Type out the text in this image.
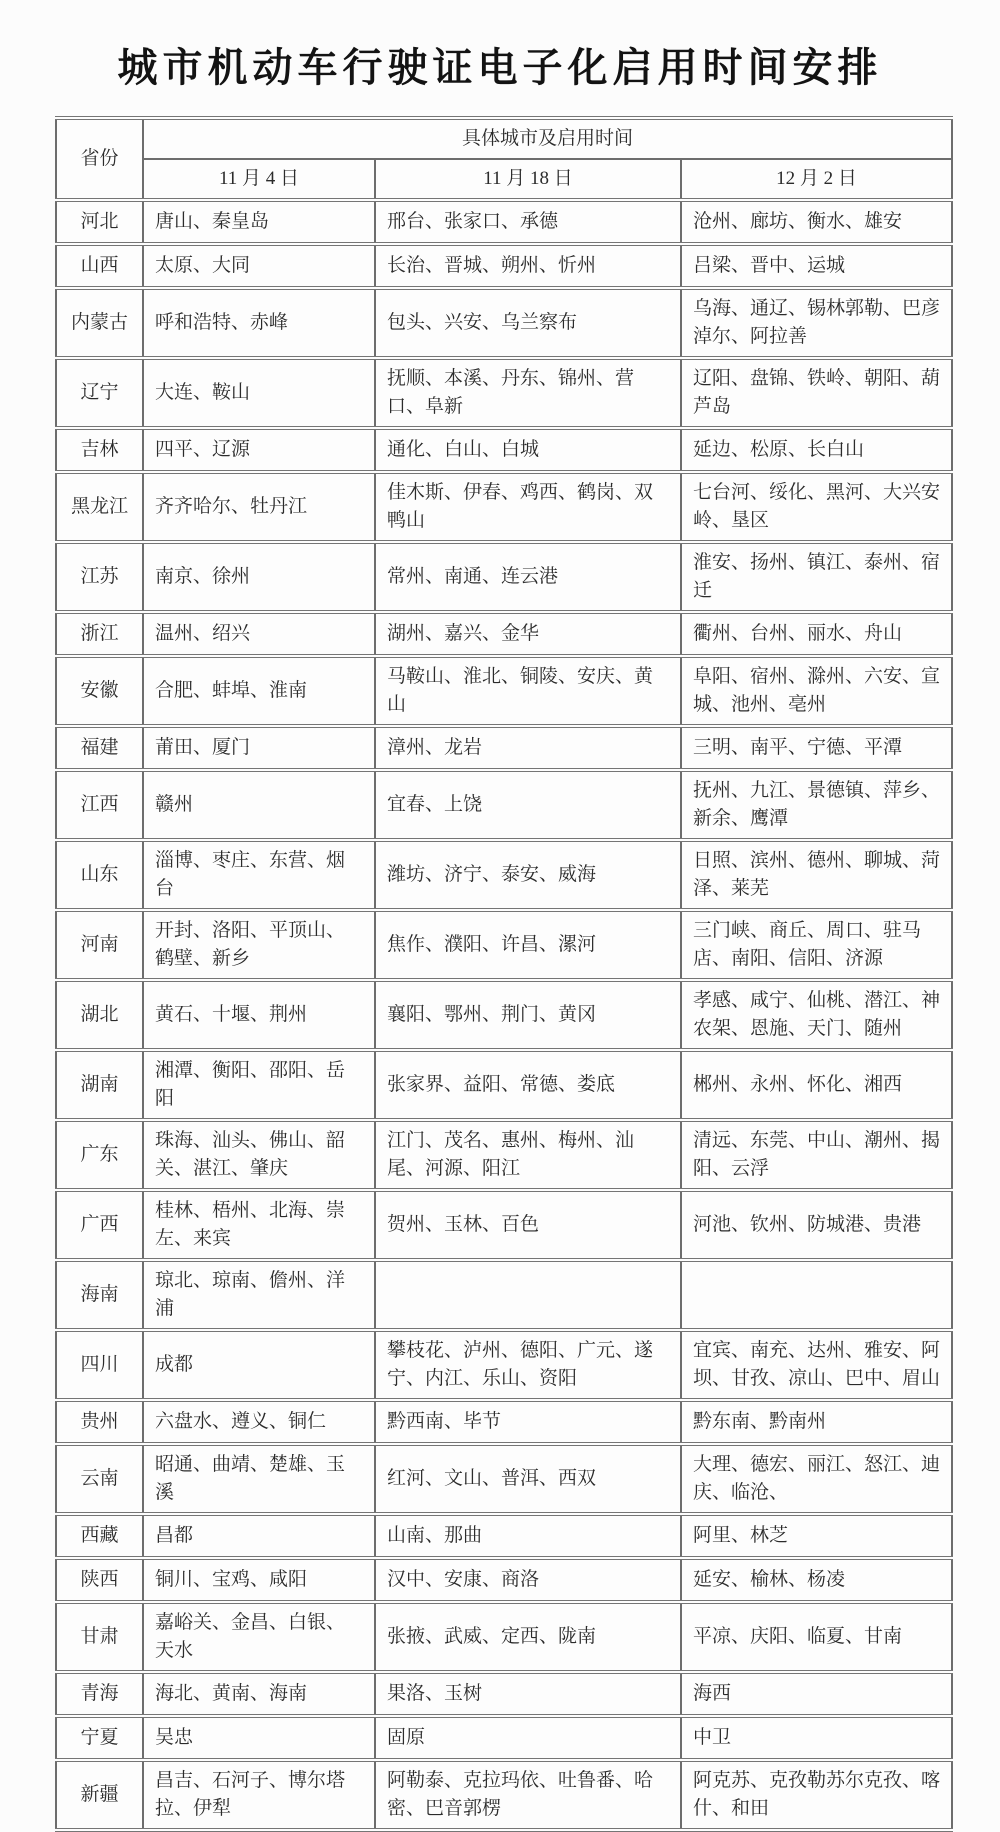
城市机动车行驶证电子化启用时间安排
省份	具体城市及启用时间		
	11 月 4 日	11 月 18 日	12 月 2 日
河北	唐山、秦皇岛	邢台、张家口、承德	沧州、廊坊、衡水、雄安
山西	太原、大同	长治、晋城、朔州、忻州	吕梁、晋中、运城
内蒙古	呼和浩特、赤峰	包头、兴安、乌兰察布	乌海、通辽、锡林郭勒、巴彦淖尔、阿拉善
辽宁	大连、鞍山	抚顺、本溪、丹东、锦州、营口、阜新	辽阳、盘锦、铁岭、朝阳、葫芦岛
吉林	四平、辽源	通化、白山、白城	延边、松原、长白山
黑龙江	齐齐哈尔、牡丹江	佳木斯、伊春、鸡西、鹤岗、双鸭山	七台河、绥化、黑河、大兴安岭、垦区
江苏	南京、徐州	常州、南通、连云港	淮安、扬州、镇江、泰州、宿迁
浙江	温州、绍兴	湖州、嘉兴、金华	衢州、台州、丽水、舟山
安徽	合肥、蚌埠、淮南	马鞍山、淮北、铜陵、安庆、黄山	阜阳、宿州、滁州、六安、宣城、池州、亳州
福建	莆田、厦门	漳州、龙岩	三明、南平、宁德、平潭
江西	赣州	宜春、上饶	抚州、九江、景德镇、萍乡、新余、鹰潭
山东	淄博、枣庄、东营、烟台	潍坊、济宁、泰安、威海	日照、滨州、德州、聊城、菏泽、莱芜
河南	开封、洛阳、平顶山、鹤壁、新乡	焦作、濮阳、许昌、漯河	三门峡、商丘、周口、驻马店、南阳、信阳、济源
湖北	黄石、十堰、荆州	襄阳、鄂州、荆门、黄冈	孝感、咸宁、仙桃、潜江、神农架、恩施、天门、随州
湖南	湘潭、衡阳、邵阳、岳阳	张家界、益阳、常德、娄底	郴州、永州、怀化、湘西
广东	珠海、汕头、佛山、韶关、湛江、肇庆	江门、茂名、惠州、梅州、汕尾、河源、阳江	清远、东莞、中山、潮州、揭阳、云浮
广西	桂林、梧州、北海、崇左、来宾	贺州、玉林、百色	河池、钦州、防城港、贵港
海南	琼北、琼南、儋州、洋浦		
四川	成都	攀枝花、泸州、德阳、广元、遂宁、内江、乐山、资阳	宜宾、南充、达州、雅安、阿坝、甘孜、凉山、巴中、眉山
贵州	六盘水、遵义、铜仁	黔西南、毕节	黔东南、黔南州
云南	昭通、曲靖、楚雄、玉溪	红河、文山、普洱、西双	大理、德宏、丽江、怒江、迪庆、临沧、
西藏	昌都	山南、那曲	阿里、林芝
陕西	铜川、宝鸡、咸阳	汉中、安康、商洛	延安、榆林、杨凌
甘肃	嘉峪关、金昌、白银、天水	张掖、武威、定西、陇南	平凉、庆阳、临夏、甘南
青海	海北、黄南、海南	果洛、玉树	海西
宁夏	吴忠	固原	中卫
新疆	昌吉、石河子、博尔塔拉、伊犁	阿勒泰、克拉玛依、吐鲁番、哈密、巴音郭楞	阿克苏、克孜勒苏尔克孜、喀什、和田
